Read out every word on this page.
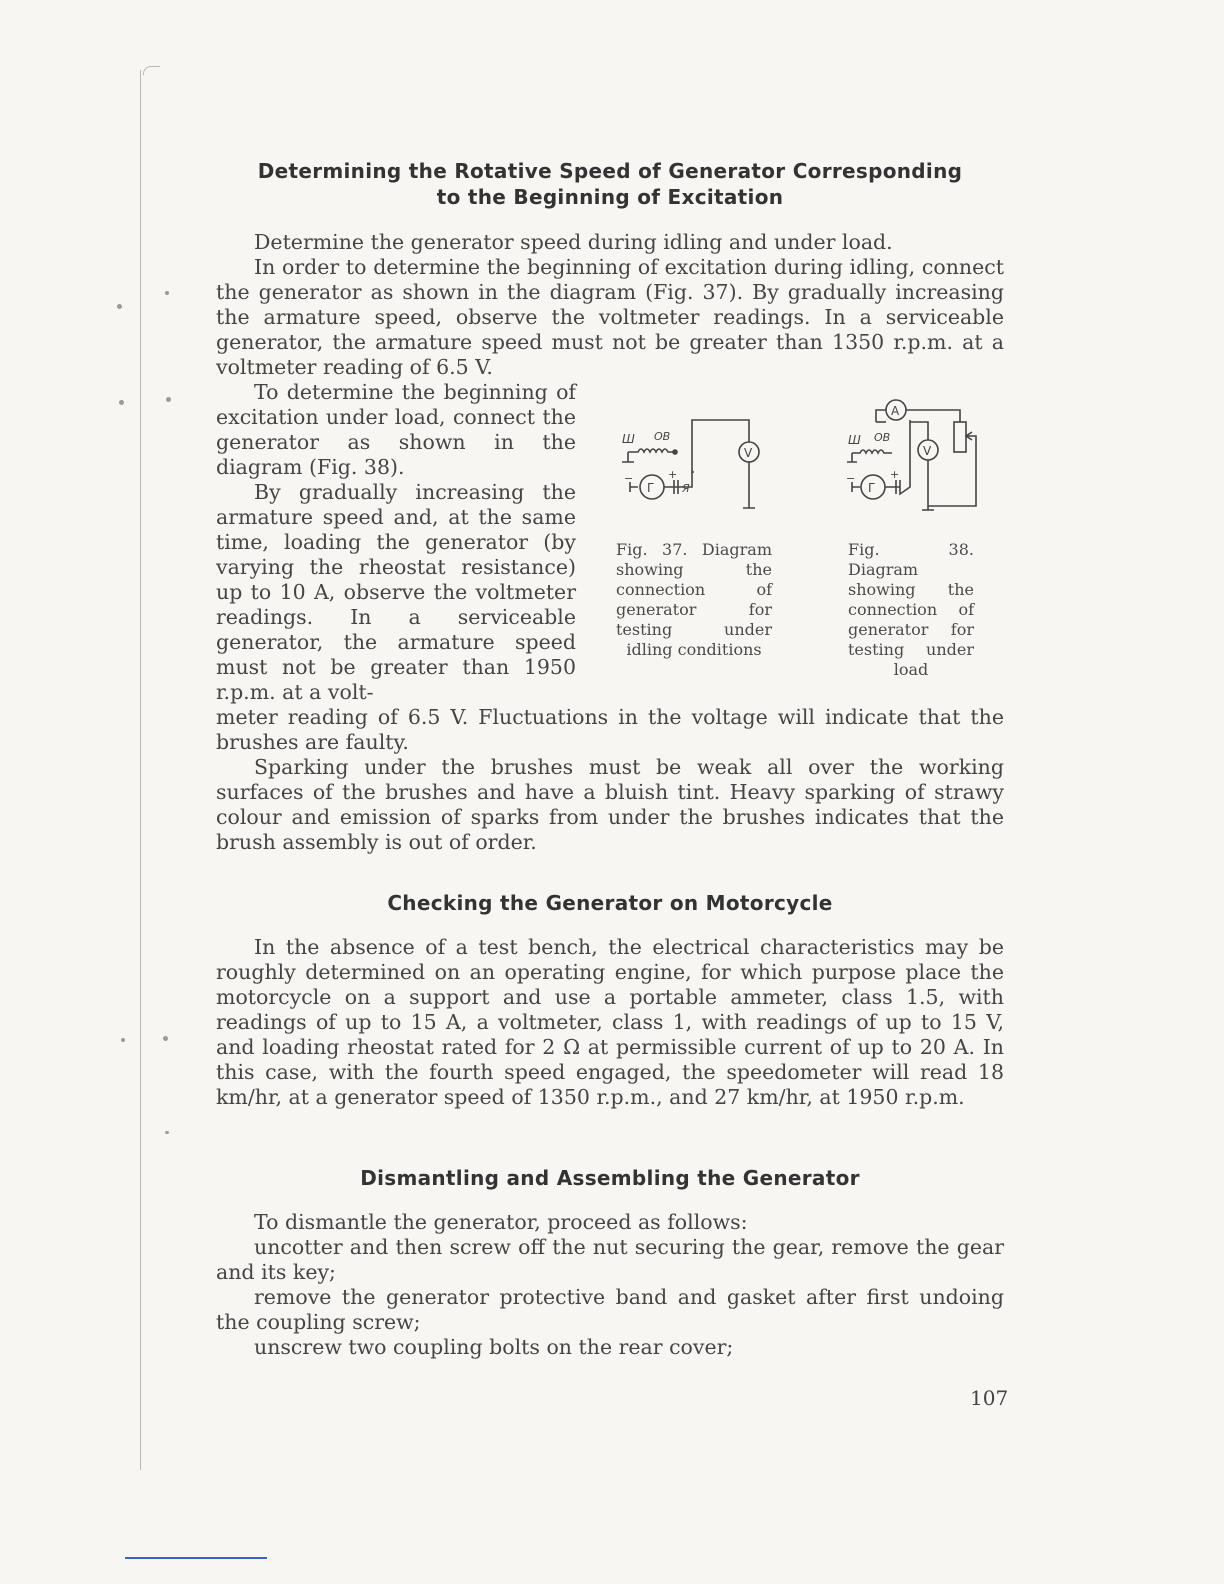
Determining the Rotative Speed of Generator Corresponding
to the Beginning of Excitation
Determine the generator speed during idling and under load.
In order to determine the beginning of excitation during idling, connect the generator as shown in the diagram (Fig. 37). By gradually increasing the armature speed, observe the voltmeter readings. In a serviceable generator, the armature speed must not be greater than 1350 r.p.m. at a voltmeter reading of 6.5 V.
To determine the beginning of excitation under load, connect the generator as shown in the diagram (Fig. 38).
By gradually increasing the armature speed and, at the same time, loading the generator (by varying the rheostat resistance) up to 10 A, observe the voltmeter readings. In a serviceable generator, the armature speed must not be greater than 1950 r.p.m. at a volt-
meter reading of 6.5 V. Fluctuations in the voltage will indicate that the brushes are faulty.
Sparking under the brushes must be weak all over the working surfaces of the brushes and have a bluish tint. Heavy sparking of strawy colour and emission of sparks from under the brushes indicates that the brush assembly is out of order.
Ш ОВ
V
Г
−	+
Я
Ш ОВ
A
V
Г
−	+
Fig. 37. Diagram showing the connection of generator for testing under idling conditions
Fig. 38. Diagram showing the connection of generator for testing under load
Checking the Generator on Motorcycle
In the absence of a test bench, the electrical characteristics may be roughly determined on an operating engine, for which purpose place the motorcycle on a support and use a portable ammeter, class 1.5, with readings of up to 15 A, a voltmeter, class 1, with readings of up to 15 V, and loading rheostat rated for 2 Ω at permissible current of up to 20 A. In this case, with the fourth speed engaged, the speedometer will read 18 km/hr, at a generator speed of 1350 r.p.m., and 27 km/hr, at 1950 r.p.m.
Dismantling and Assembling the Generator
To dismantle the generator, proceed as follows:
uncotter and then screw off the nut securing the gear, remove the gear and its key;
remove the generator protective band and gasket after first undoing the coupling screw;
unscrew two coupling bolts on the rear cover;
107
